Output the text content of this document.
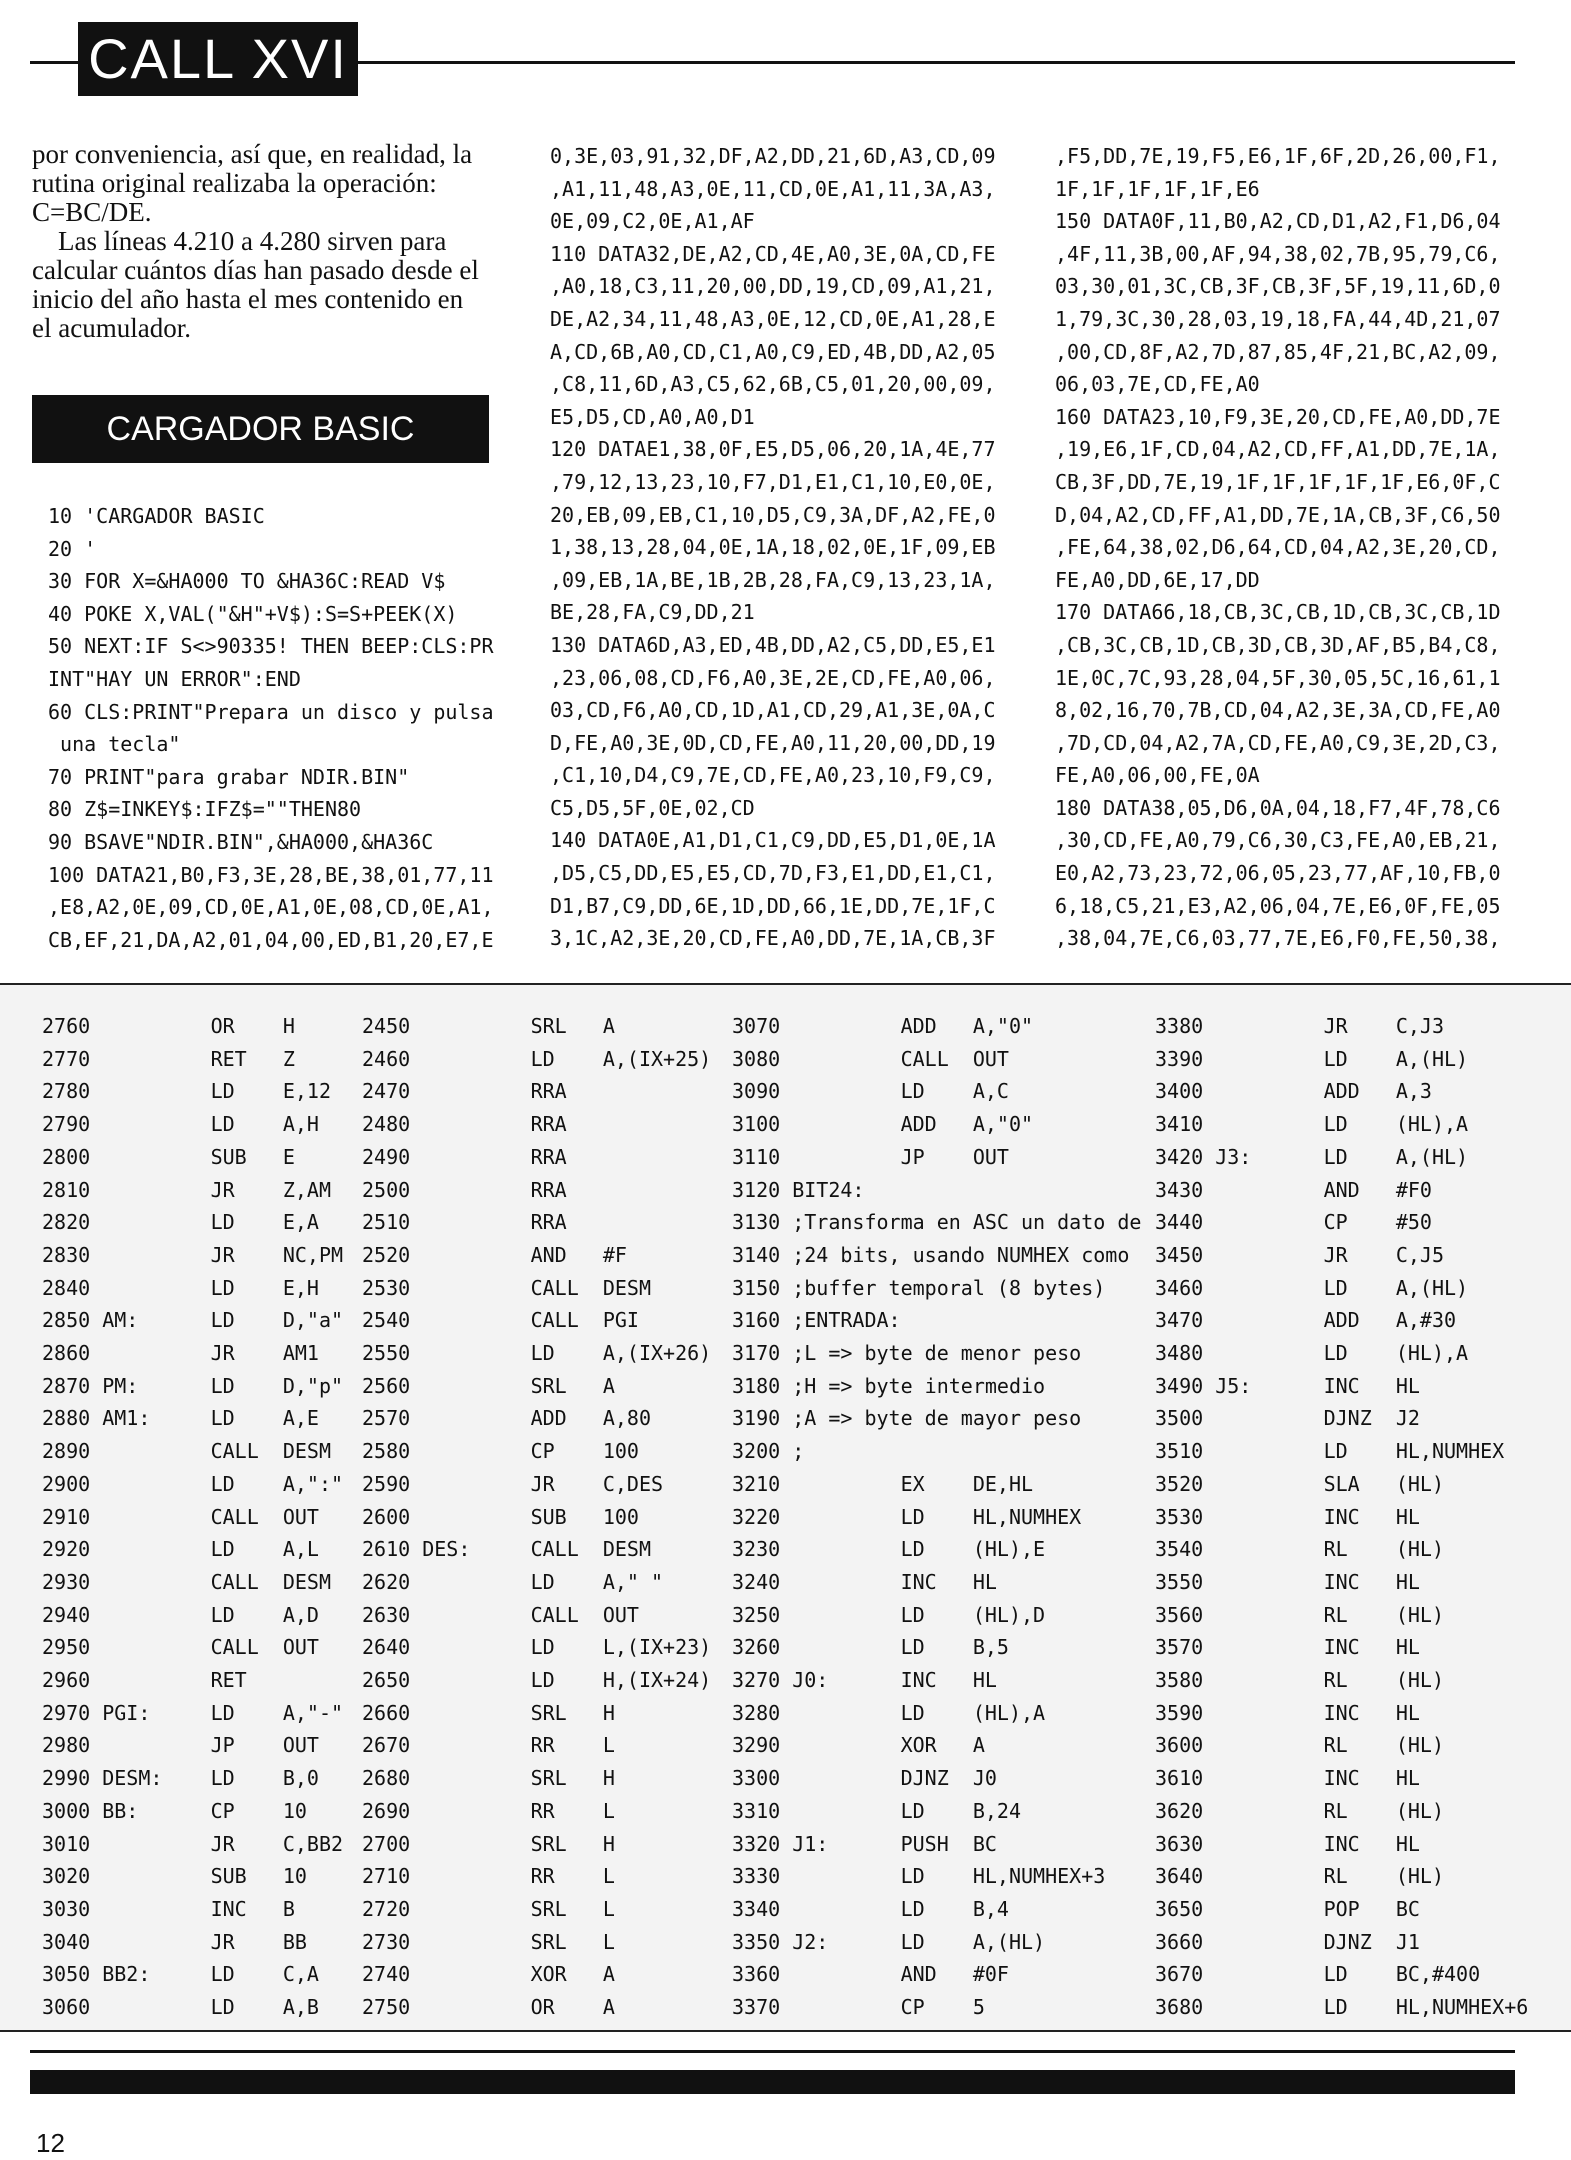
CALL XVI

por conveniencia, así que, en realidad, la rutina original realizaba la operación: C=BC/DE.

Las líneas 4.210 a 4.280 sirven para calcular cuántos días han pasado desde el inicio del año hasta el mes contenido en el acumulador.

CARGADOR BASIC
10 'CARGADOR BASIC
20 '
30 FOR X=&HA000 TO &HA36C:READ V$
40 POKE X,VAL("&H"+V$):S=S+PEEK(X)
50 NEXT:IF S<>90335! THEN BEEP:CLS:PR
INT"HAY UN ERROR":END
60 CLS:PRINT"Prepara un disco y pulsa
una tecla"
70 PRINT"para grabar NDIR.BIN"
80 Z$=INKEY$:IFZ$=""THEN80
90 BSAVE"NDIR.BIN",&HA000,&HA36C
100 DATA21,B0,F3,3E,28,BE,38,01,77,11
,E8,A2,0E,09,CD,0E,A1,0E,08,CD,0E,A1,
CB,EF,21,DA,A2,01,04,00,ED,B1,20,E7,E
0,3E,03,91,32,DF,A2,DD,21,6D,A3,CD,09
,A1,11,48,A3,0E,11,CD,0E,A1,11,3A,A3,
0E,09,C2,0E,A1,AF
110 DATA32,DE,A2,CD,4E,A0,3E,0A,CD,FE
,A0,18,C3,11,20,00,DD,19,CD,09,A1,21,
DE,A2,34,11,48,A3,0E,12,CD,0E,A1,28,E
A,CD,6B,A0,CD,C1,A0,C9,ED,4B,DD,A2,05
,C8,11,6D,A3,C5,62,6B,C5,01,20,00,09,
E5,D5,CD,A0,A0,D1
120 DATAE1,38,0F,E5,D5,06,20,1A,4E,77
,79,12,13,23,10,F7,D1,E1,C1,10,E0,0E,
20,EB,09,EB,C1,10,D5,C9,3A,DF,A2,FE,0
1,38,13,28,04,0E,1A,18,02,0E,1F,09,EB
,09,EB,1A,BE,1B,2B,28,FA,C9,13,23,1A,
BE,28,FA,C9,DD,21
130 DATA6D,A3,ED,4B,DD,A2,C5,DD,E5,E1
,23,06,08,CD,F6,A0,3E,2E,CD,FE,A0,06,
03,CD,F6,A0,CD,1D,A1,CD,29,A1,3E,0A,C
D,FE,A0,3E,0D,CD,FE,A0,11,20,00,DD,19
,C1,10,D4,C9,7E,CD,FE,A0,23,10,F9,C9,
C5,D5,5F,0E,02,CD
140 DATA0E,A1,D1,C1,C9,DD,E5,D1,0E,1A
,D5,C5,DD,E5,E5,CD,7D,F3,E1,DD,E1,C1,
D1,B7,C9,DD,6E,1D,DD,66,1E,DD,7E,1F,C
3,1C,A2,3E,20,CD,FE,A0,DD,7E,1A,CB,3F
,F5,DD,7E,19,F5,E6,1F,6F,2D,26,00,F1,
1F,1F,1F,1F,1F,E6
150 DATA0F,11,B0,A2,CD,D1,A2,F1,D6,04
,4F,11,3B,00,AF,94,38,02,7B,95,79,C6,
03,30,01,3C,CB,3F,CB,3F,5F,19,11,6D,0
1,79,3C,30,28,03,19,18,FA,44,4D,21,07
,00,CD,8F,A2,7D,87,85,4F,21,BC,A2,09,
06,03,7E,CD,FE,A0
160 DATA23,10,F9,3E,20,CD,FE,A0,DD,7E
,19,E6,1F,CD,04,A2,CD,FF,A1,DD,7E,1A,
CB,3F,DD,7E,19,1F,1F,1F,1F,1F,E6,0F,C
D,04,A2,CD,FF,A1,DD,7E,1A,CB,3F,C6,50
,FE,64,38,02,D6,64,CD,04,A2,3E,20,CD,
FE,A0,DD,6E,17,DD
170 DATA66,18,CB,3C,CB,1D,CB,3C,CB,1D
,CB,3C,CB,1D,CB,3D,CB,3D,AF,B5,B4,C8,
1E,0C,7C,93,28,04,5F,30,05,5C,16,61,1
8,02,16,70,7B,CD,04,A2,3E,3A,CD,FE,A0
,7D,CD,04,A2,7A,CD,FE,A0,C9,3E,2D,C3,
FE,A0,06,00,FE,0A
180 DATA38,05,D6,0A,04,18,F7,4F,78,C6
,30,CD,FE,A0,79,C6,30,C3,FE,A0,EB,21,
E0,A2,73,23,72,06,05,23,77,AF,10,FB,0
6,18,C5,21,E3,A2,06,04,7E,E6,0F,FE,05
,38,04,7E,C6,03,77,7E,E6,F0,FE,50,38,
2760          OR    H
2770          RET   Z
2780          LD    E,12
2790          LD    A,H
2800          SUB   E
2810          JR    Z,AM
2820          LD    E,A
2830          JR    NC,PM
2840          LD    E,H
2850 AM:      LD    D,"a"
2860          JR    AM1
2870 PM:      LD    D,"p"
2880 AM1:     LD    A,E
2890          CALL  DESM
2900          LD    A,":"
2910          CALL  OUT
2920          LD    A,L
2930          CALL  DESM
2940          LD    A,D
2950          CALL  OUT
2960          RET
2970 PGI:     LD    A,"-"
2980          JP    OUT
2990 DESM:    LD    B,0
3000 BB:      CP    10
3010          JR    C,BB2
3020          SUB   10
3030          INC   B
3040          JR    BB
3050 BB2:     LD    C,A
3060          LD    A,B
2450          SRL   A
2460          LD    A,(IX+25)
2470          RRA
2480          RRA
2490          RRA
2500          RRA
2510          RRA
2520          AND   #F
2530          CALL  DESM
2540          CALL  PGI
2550          LD    A,(IX+26)
2560          SRL   A
2570          ADD   A,80
2580          CP    100
2590          JR    C,DES
2600          SUB   100
2610 DES:     CALL  DESM
2620          LD    A," "
2630          CALL  OUT
2640          LD    L,(IX+23)
2650          LD    H,(IX+24)
2660          SRL   H
2670          RR    L
2680          SRL   H
2690          RR    L
2700          SRL   H
2710          RR    L
2720          SRL   L
2730          SRL   L
2740          XOR   A
2750          OR    A
3070          ADD   A,"0"
3080          CALL  OUT
3090          LD    A,C
3100          ADD   A,"0"
3110          JP    OUT
3120 BIT24:
3130 ;Transforma en ASC un dato de
3140 ;24 bits, usando NUMHEX como
3150 ;buffer temporal (8 bytes)
3160 ;ENTRADA:
3170 ;L => byte de menor peso
3180 ;H => byte intermedio
3190 ;A => byte de mayor peso
3200 ;
3210          EX    DE,HL
3220          LD    HL,NUMHEX
3230          LD    (HL),E
3240          INC   HL
3250          LD    (HL),D
3260          LD    B,5
3270 J0:      INC   HL
3280          LD    (HL),A
3290          XOR   A
3300          DJNZ  J0
3310          LD    B,24
3320 J1:      PUSH  BC
3330          LD    HL,NUMHEX+3
3340          LD    B,4
3350 J2:      LD    A,(HL)
3360          AND   #0F
3370          CP    5
3380          JR    C,J3
3390          LD    A,(HL)
3400          ADD   A,3
3410          LD    (HL),A
3420 J3:      LD    A,(HL)
3430          AND   #F0
3440          CP    #50
3450          JR    C,J5
3460          LD    A,(HL)
3470          ADD   A,#30
3480          LD    (HL),A
3490 J5:      INC   HL
3500          DJNZ  J2
3510          LD    HL,NUMHEX
3520          SLA   (HL)
3530          INC   HL
3540          RL    (HL)
3550          INC   HL
3560          RL    (HL)
3570          INC   HL
3580          RL    (HL)
3590          INC   HL
3600          RL    (HL)
3610          INC   HL
3620          RL    (HL)
3630          INC   HL
3640          RL    (HL)
3650          POP   BC
3660          DJNZ  J1
3670          LD    BC,#400
3680          LD    HL,NUMHEX+6
12
